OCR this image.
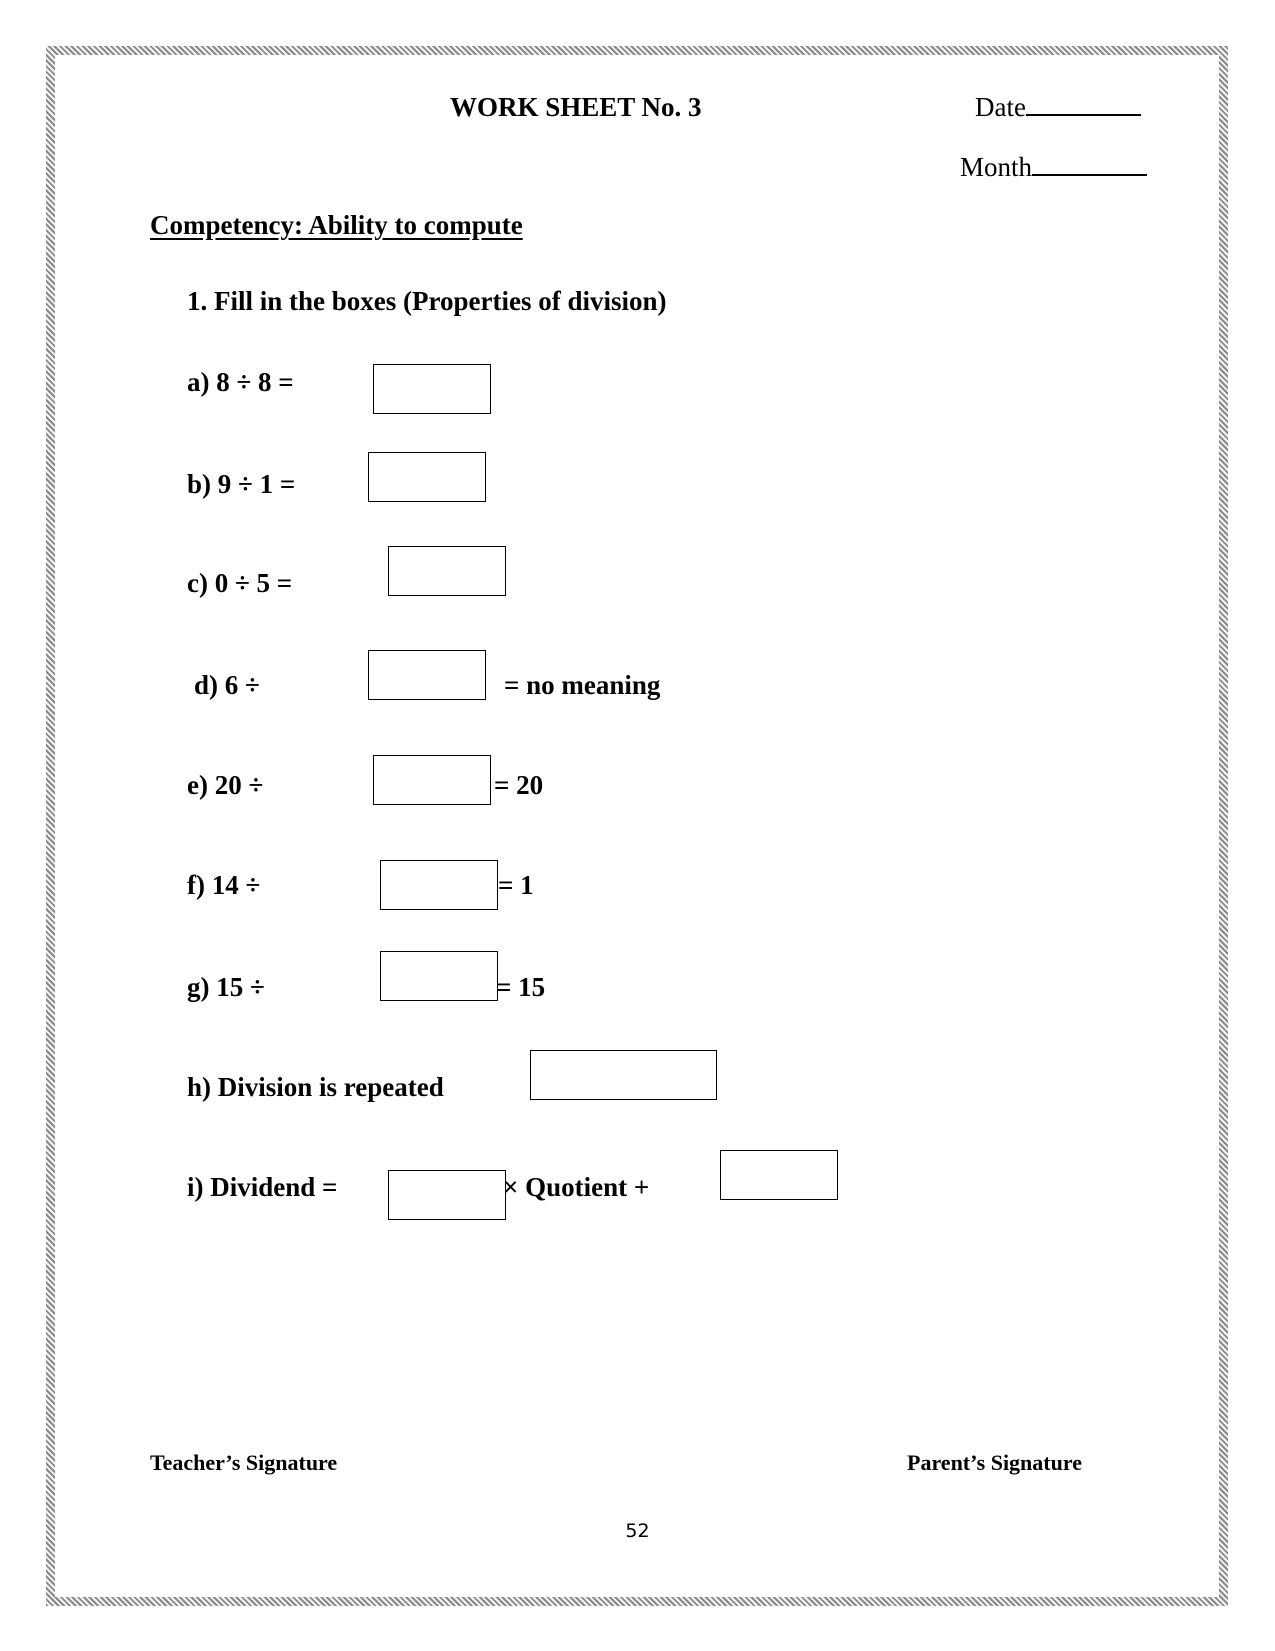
WORK SHEET No. 3	Date
Month
Competency: Ability to compute
1. Fill in the boxes (Properties of division)
a) 8 ÷ 8 =
b) 9 ÷ 1 =
c) 0 ÷ 5 =
d) 6 ÷	= no meaning
e) 20 ÷	= 20
f) 14 ÷	= 1
g) 15 ÷	= 15
h) Division is repeated
i) Dividend =	× Quotient +
Teacher’s Signature	Parent’s Signature
52
